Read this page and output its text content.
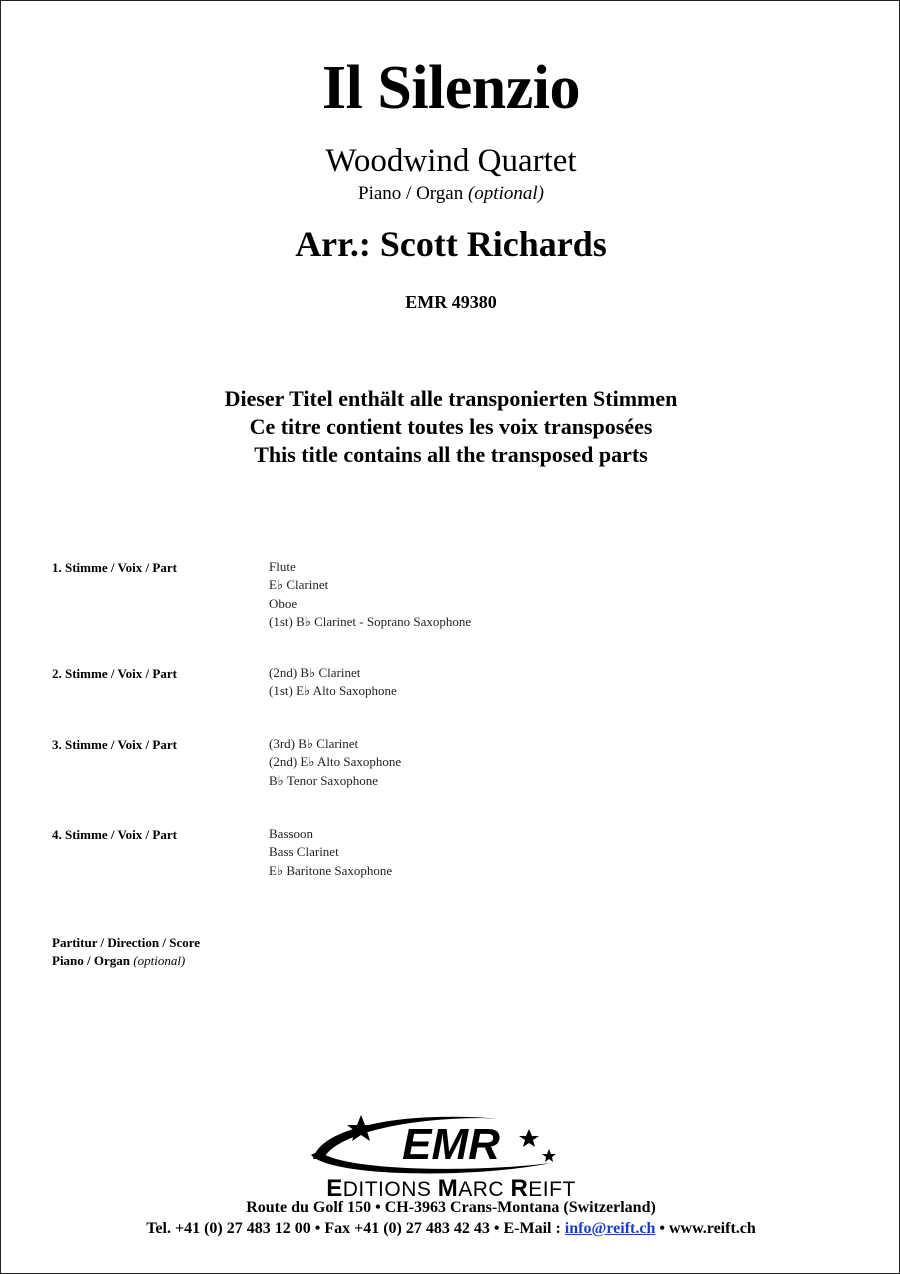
Il Silenzio
Woodwind Quartet
Piano / Organ (optional)
Arr.: Scott Richards
EMR 49380
Dieser Titel enthält alle transponierten Stimmen
Ce titre contient toutes les voix transposées
This title contains all the transposed parts
1. Stimme / Voix / Part	Flute
E♭ Clarinet
Oboe
(1st) B♭ Clarinet - Soprano Saxophone
2. Stimme / Voix / Part	(2nd) B♭ Clarinet
(1st) E♭ Alto Saxophone
3. Stimme / Voix / Part	(3rd) B♭ Clarinet
(2nd) E♭ Alto Saxophone
B♭ Tenor Saxophone
4. Stimme / Voix / Part	Bassoon
Bass Clarinet
E♭ Baritone Saxophone
Partitur / Direction / Score
Piano / Organ (optional)
EMR
EDITIONS MARC REIFT
Route du Golf 150 • CH-3963 Crans-Montana (Switzerland)
Tel. +41 (0) 27 483 12 00 • Fax +41 (0) 27 483 42 43 • E-Mail : info@reift.ch • www.reift.ch
